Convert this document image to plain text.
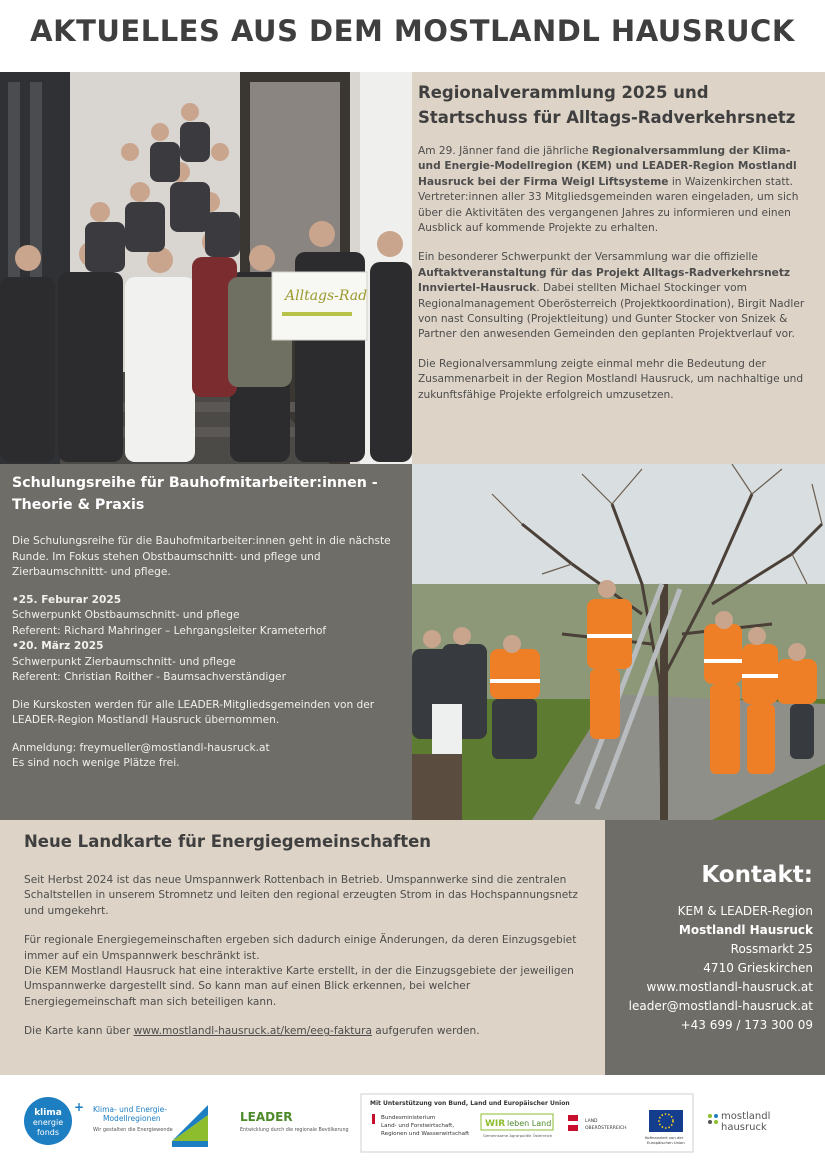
AKTUELLES AUS DEM MOSTLANDL HAUSRUCK
Alltags-Rad
Regionalverammlung 2025 und Startschuss für Alltags-Radverkehrsnetz

Am 29. Jänner fand die jährliche Regionalversammlung der Klima- und Energie-Modellregion (KEM) und LEADER-Region Mostlandl Hausruck bei der Firma Weigl Liftsysteme in Waizenkirchen statt. Vertreter:innen aller 33 Mitgliedsgemeinden waren eingeladen, um sich über die Aktivitäten des vergangenen Jahres zu informieren und einen Ausblick auf kommende Projekte zu erhalten.

Ein besonderer Schwerpunkt der Versammlung war die offizielle Auftaktveranstaltung für das Projekt Alltags-Radverkehrsnetz Innviertel-Hausruck. Dabei stellten Michael Stockinger vom Regionalmanagement Oberösterreich (Projektkoordination), Birgit Nadler von nast Consulting (Projektleitung) und Gunter Stocker von Snizek & Partner den anwesenden Gemeinden den geplanten Projektverlauf vor.

Die Regionalversammlung zeigte einmal mehr die Bedeutung der Zusammenarbeit in der Region Mostlandl Hausruck, um nachhaltige und zukunftsfähige Projekte erfolgreich umzusetzen.

Schulungsreihe für Bauhofmitarbeiter:innen - Theorie & Praxis

Die Schulungsreihe für die Bauhofmitarbeiter:innen geht in die nächste Runde. Im Fokus stehen Obstbaumschnitt- und pflege und Zierbaumschnittt- und pflege.

•25. Feburar 2025
Schwerpunkt Obstbaumschnitt- und pflege
Referent: Richard Mahringer – Lehrgangsleiter Krameterhof
•20. März 2025
Schwerpunkt Zierbaumschnitt- und pflege
Referent: Christian Roither - Baumsachverständiger

Die Kurskosten werden für alle LEADER-Mitgliedsgemeinden von der LEADER-Region Mostlandl Hausruck übernommen.

Anmeldung: freymueller@mostlandl-hausruck.at
Es sind noch wenige Plätze frei.
Neue Landkarte für Energiegemeinschaften

Seit Herbst 2024 ist das neue Umspannwerk Rottenbach in Betrieb. Umspannwerke sind die zentralen Schaltstellen in unserem Stromnetz und leiten den regional erzeugten Strom in das Hochspannungsnetz und umgekehrt.

Für regionale Energiegemeinschaften ergeben sich dadurch einige Änderungen, da deren Einzugsgebiet immer auf ein Umspannwerk beschränkt ist.

Die KEM Mostlandl Hausruck hat eine interaktive Karte erstellt, in der die Einzugsgebiete der jeweiligen Umspannwerke dargestellt sind. So kann man auf einen Blick erkennen, bei welcher Energiegemeinschaft man sich beteiligen kann.

Die Karte kann über www.mostlandl-hausruck.at/kem/eeg-faktura aufgerufen werden.

Kontakt:
KEM & LEADER-Region
Mostlandl Hausruck
Rossmarkt 25
4710 Grieskirchen
www.mostlandl-hausruck.at
leader@mostlandl-hausruck.at
+43 699 / 173 300 09
klima
energie
fonds
+ Klima- und Energie-
Modellregionen
Wir gestalten die Energiewende
LEADER
Entwicklung durch die regionale Bevölkerung
Mit Unterstützung von Bund, Land und Europäischer Union
Bundesministerium
Land- und Forstwirtschaft,
Regionen und Wasserwirtschaft
WIR leben Land
Gemeinsame Agrarpolitik Österreich
LAND
OBERÖSTERREICH
Kofinanziert von der
Europäischen Union
mostlandl
hausruck
